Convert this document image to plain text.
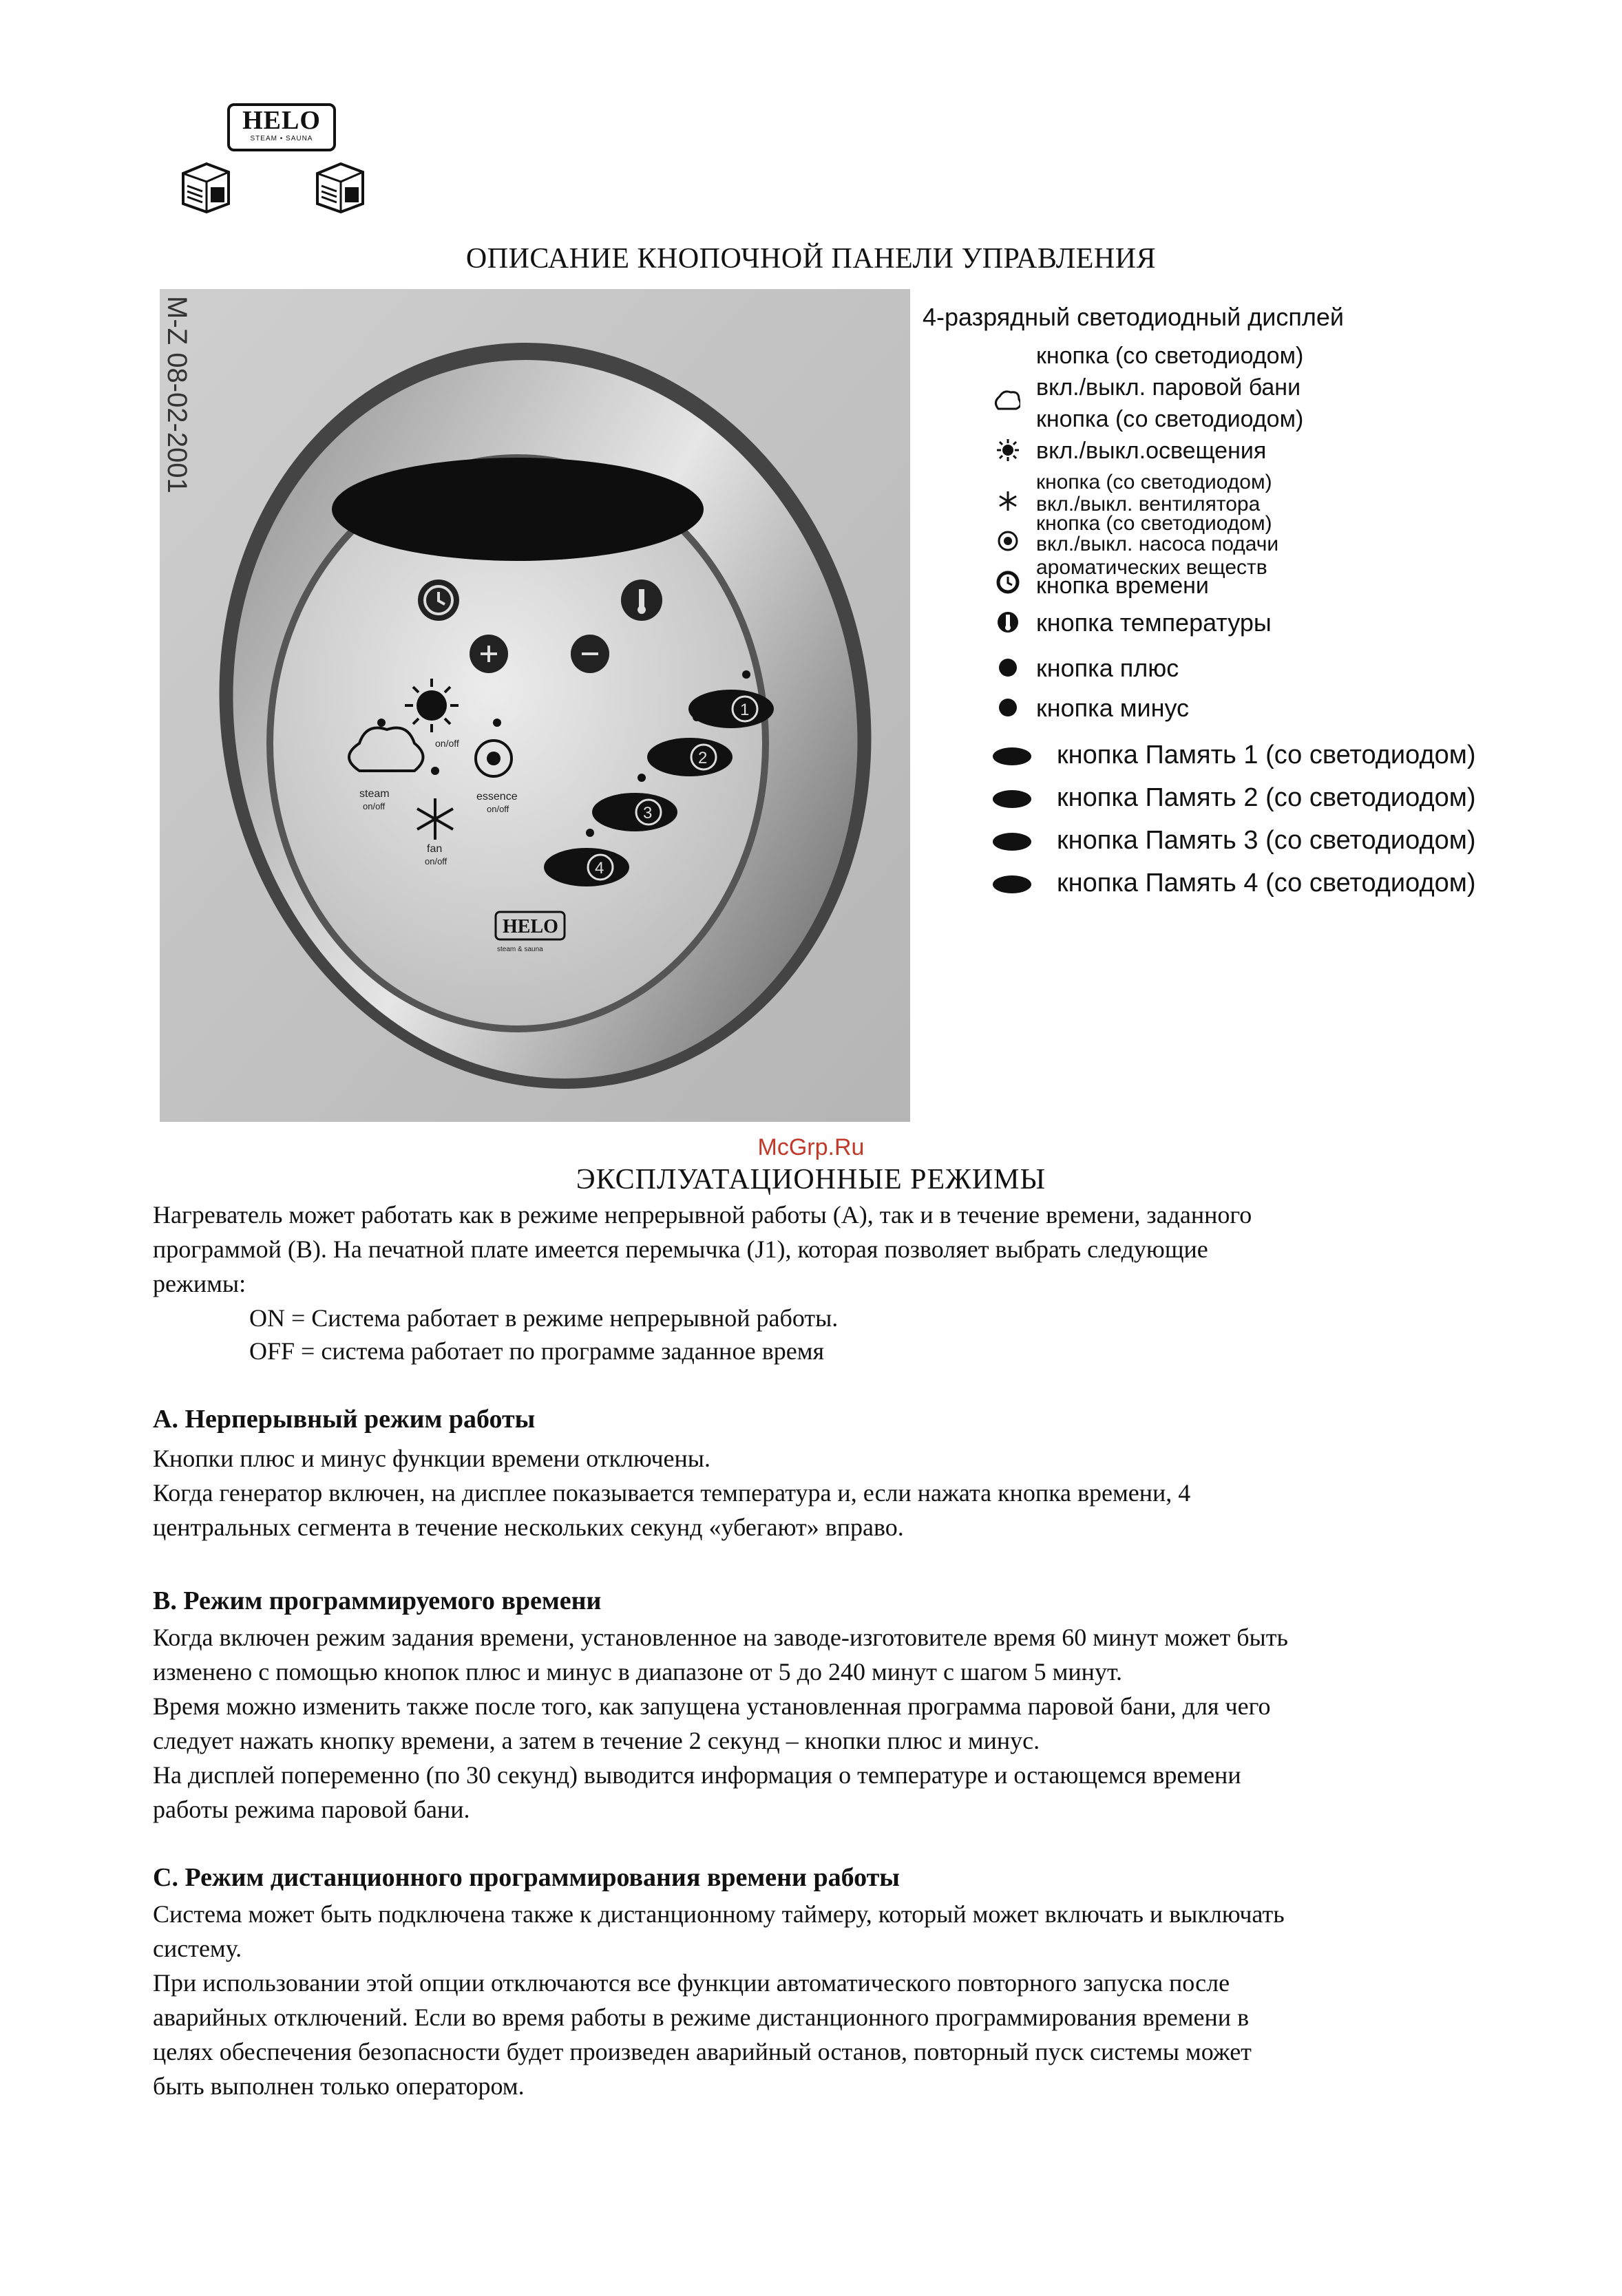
HELO
STEAM • SAUNA
ОПИСАНИЕ КНОПОЧНОЙ ПАНЕЛИ УПРАВЛЕНИЯ
on/off
steam
on/off
essence
on/off
fan
on/off
1
2
3
4
HELO
steam & sauna
M-Z 08-02-2001	4-разрядный светодиодный дисплей
кнопка (со светодиодом)
вкл./выкл. паровой бани
кнопка (со светодиодом)
вкл./выкл.освещения
кнопка (со светодиодом)
вкл./выкл. вентилятора
кнопка (со светодиодом)
вкл./выкл. насоса подачи
ароматических веществ
кнопка времени
кнопка температуры
кнопка плюс
кнопка минус
кнопка Память 1 (со светодиодом)
кнопка Память 2 (со светодиодом)
кнопка Память 3 (со светодиодом)
кнопка Память 4 (со светодиодом)
McGrp.Ru
ЭКСПЛУАТАЦИОННЫЕ РЕЖИМЫ
Нагреватель может работать как в режиме непрерывной работы (А), так и в течение времени, заданного
программой (В). На печатной плате имеется перемычка (J1), которая позволяет выбрать следующие
режимы:
ON = Система работает в режиме непрерывной работы.
OFF = система работает по программе заданное время
A. Нерперывный режим работы
Кнопки плюс и минус функции времени отключены.
Когда генератор включен, на дисплее показывается температура и, если нажата кнопка времени, 4
центральных сегмента в течение нескольких секунд «убегают» вправо.
B. Режим программируемого времени
Когда включен режим задания времени, установленное на заводе-изготовителе время 60 минут может быть
изменено с помощью кнопок плюс и минус в диапазоне от 5 до 240 минут с шагом 5 минут.
Время можно изменить также после того, как запущена установленная программа паровой бани, для чего
следует нажать кнопку времени, а затем в течение 2 секунд – кнопки плюс и минус.
На дисплей попеременно (по 30 секунд) выводится информация о температуре и остающемся времени
работы режима паровой бани.
C. Режим дистанционного программирования времени работы
Система может быть подключена также к дистанционному таймеру, который может включать и выключать
систему.
При использовании этой опции отключаются все функции автоматического повторного запуска после
аварийных отключений. Если во время работы в режиме дистанционного программирования времени в
целях обеспечения безопасности будет произведен аварийный останов, повторный пуск системы может
быть выполнен только оператором.
